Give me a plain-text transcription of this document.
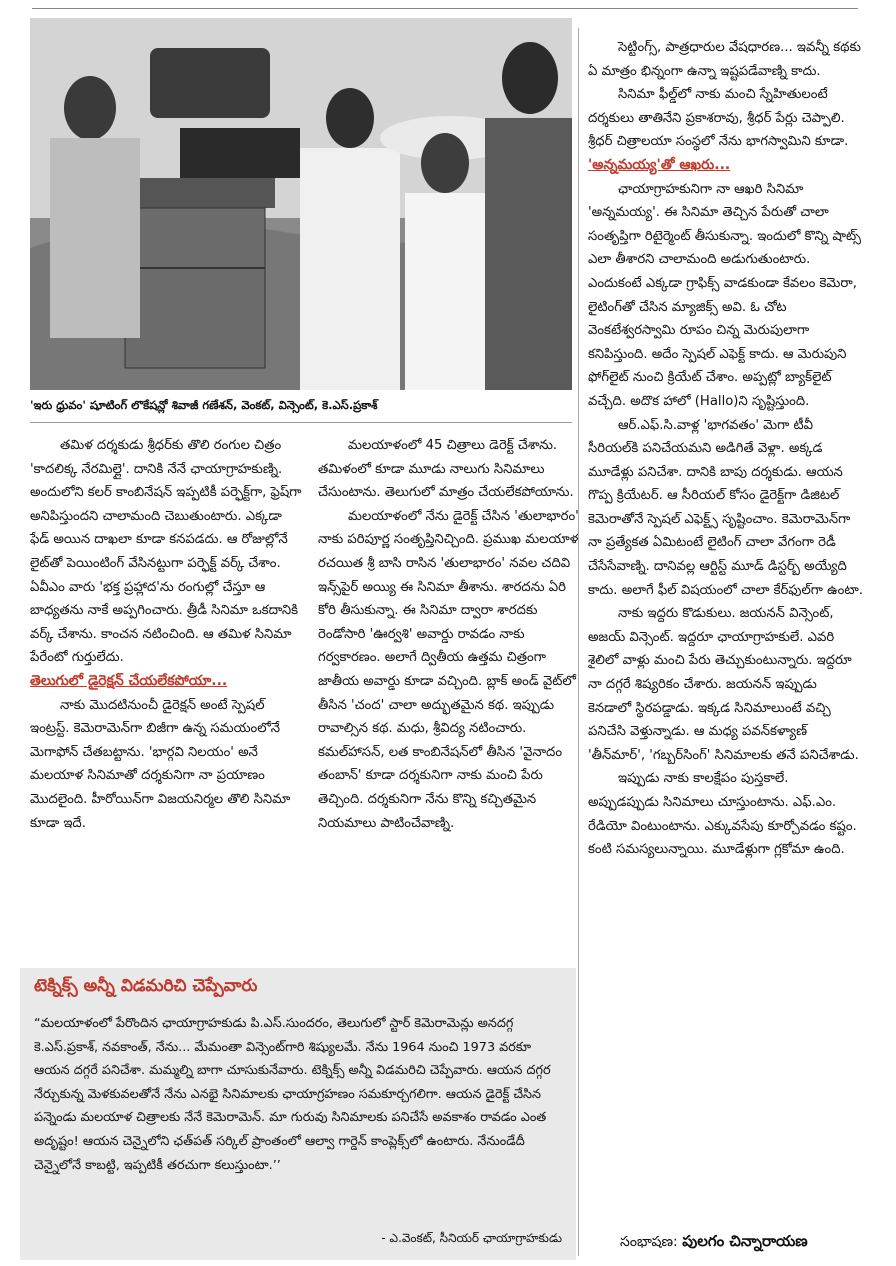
'ఇరు ధ్రువం' షూటింగ్ లొకేషన్లో శివాజీ గణేశన్, వెంకట్, విన్సెంట్, కె.ఎస్.ప్రకాశ్

తమిళ దర్శకుడు శ్రీధర్‌కు తొలి రంగుల చిత్రం 'కాదలిక్క నేరమిల్లై'. దానికి నేనే ఛాయాగ్రాహకుణ్ని. అందులోని కలర్ కాంబినేషన్ ఇప్పటికీ పర్ఫెక్ట్‌గా, ఫ్రెష్‌గా అనిపిస్తుందని చాలామంది చెబుతుంటారు. ఎక్కడా ఫేడ్ అయిన దాఖలా కూడా కనపడదు. ఆ రోజుల్లోనే లైట్‌తో పెయింటింగ్ వేసినట్టుగా పర్ఫెక్ట్ వర్క్ చేశాం. ఏవీఎం వారు 'భక్త ప్రహ్లాద'ను రంగుల్లో చేస్తూ ఆ బాధ్యతను నాకే అప్పగించారు. త్రీడీ సినిమా ఒకదానికి వర్క్ చేశాను. కాంచన నటించింది. ఆ తమిళ సినిమా పేరేంటో గుర్తులేదు.

తెలుగులో డైరెక్షన్ చేయలేకపోయా...

నాకు మొదటినుంచీ డైరెక్షన్ అంటే స్పెషల్ ఇంట్రస్ట్. కెమెరామెన్‌గా బిజీగా ఉన్న సమయంలోనే మెగాఫోన్ చేతబట్టాను. 'భార్గవి నిలయం' అనే మలయాళ సినిమాతో దర్శకునిగా నా ప్రయాణం మొదలైంది. హీరోయిన్‌గా విజయనిర్మల తొలి సినిమా కూడా ఇదే.

మలయాళంలో 45 చిత్రాలు డెరెక్ట్ చేశాను. తమిళంలో కూడా మూడు నాలుగు సినిమాలు చేసుంటాను. తెలుగులో మాత్రం చేయలేకపోయాను.

మలయాళంలో నేను డైరెక్ట్ చేసిన 'తులాభారం' నాకు పరిపూర్ణ సంతృప్తినిచ్చింది. ప్రముఖ మలయాళ రచయిత శ్రీ బాసి రాసిన 'తులాభారం' నవల చదివి ఇన్స్‌పైర్ అయ్యి ఈ సినిమా తీశాను. శారదను ఏరి కోరి తీసుకున్నా. ఈ సినిమా ద్వారా శారదకు రెండోసారి 'ఊర్వశి' అవార్డు రావడం నాకు గర్వకారణం. అలాగే ద్వితీయ ఉత్తమ చిత్రంగా జాతీయ అవార్డు కూడా వచ్చింది. బ్లాక్ అండ్ వైట్‌లో తీసిన 'చంద' చాలా అద్భుతమైన కథ. ఇప్పుడు రావాల్సిన కథ. మధు, శ్రీవిద్య నటించారు. కమల్‌హాసన్, లత కాంబినేషన్‌లో తీసిన 'వైనాదం తంబాన్' కూడా దర్శకునిగా నాకు మంచి పేరు తెచ్చింది. దర్శకునిగా నేను కొన్ని కచ్చితమైన నియమాలు పాటించేవాణ్ని.

సెట్టింగ్స్, పాత్రధారుల వేషధారణ... ఇవన్నీ కథకు ఏ మాత్రం భిన్నంగా ఉన్నా ఇష్టపడేవాణ్ని కాదు.

సినిమా ఫీల్డ్‌లో నాకు మంచి స్నేహితులంటే దర్శకులు తాతినేని ప్రకాశరావు, శ్రీధర్ పేర్లు చెప్పాలి. శ్రీధర్ చిత్రాలయా సంస్థలో నేను భాగస్వామిని కూడా.

'అన్నమయ్య'తో ఆఖరు...

ఛాయాగ్రాహకునిగా నా ఆఖరి సినిమా 'అన్నమయ్య'. ఈ సినిమా తెచ్చిన పేరుతో చాలా సంతృప్తిగా రిటైర్మెంట్ తీసుకున్నా. ఇందులో కొన్ని షాట్స్ ఎలా తీశారని చాలామంది అడుగుతుంటారు. ఎందుకంటే ఎక్కడా గ్రాఫిక్స్ వాడకుండా కేవలం కెమెరా, లైటింగ్‌తో చేసిన మ్యాజిక్స్ అవి. ఓ చోట వెంకటేశ్వరస్వామి రూపం చిన్న మెరుపులాగా కనిపిస్తుంది. అదేం స్పెషల్ ఎఫెక్ట్ కాదు. ఆ మెరుపుని ఫోగ్‌లైట్ నుంచి క్రియేట్ చేశాం. అప్పట్లో బ్యాక్‌లైట్ వచ్చేది. అదొక హాలో (Hallo)ని సృష్టిస్తుంది.

ఆర్.ఎఫ్.సి.వాళ్ల 'భాగవతం' మెగా టీవీ సీరియల్‌కి పనిచేయమని అడిగితే వెళ్లా. అక్కడ మూడేళ్లు పనిచేశా. దానికి బాపు దర్శకుడు. ఆయన గొప్ప క్రియేటర్. ఆ సీరియల్ కోసం డైరెక్ట్‌గా డిజిటల్ కెమెరాతోనే స్పెషల్ ఎఫెక్ట్స్ సృష్టించాం. కెమెరామెన్‌గా నా ప్రత్యేకత ఏమిటంటే లైటింగ్ చాలా వేగంగా రెడీ చేసేసేవాణ్ని. దానివల్ల ఆర్టిస్ట్ మూడ్ డిస్టర్బ్ అయ్యేది కాదు. అలాగే ఫీల్ విషయంలో చాలా కేర్‌ఫుల్‌గా ఉంటా.

నాకు ఇద్దరు కొడుకులు. జయనన్ విన్సెంట్, అజయ్ విన్సెంట్. ఇద్దరూ ఛాయాగ్రాహకులే. ఎవరి శైలిలో వాళ్లు మంచి పేరు తెచ్చుకుంటున్నారు. ఇద్దరూ నా దగ్గరే శిష్యరికం చేశారు. జయనన్ ఇప్పుడు కెనడాలో స్థిరపడ్డాడు. ఇక్కడ సినిమాలుంటే వచ్చి పనిచేసి వెళ్తున్నాడు. ఆ మధ్య పవన్‌కళ్యాణ్ 'తీన్‌మార్', 'గబ్బర్‌సింగ్' సినిమాలకు తనే పనిచేశాడు.

ఇప్పుడు నాకు కాలక్షేపం పుస్తకాలే. అప్పుడప్పుడు సినిమాలు చూస్తుంటాను. ఎఫ్.ఎం. రేడియో వింటుంటాను. ఎక్కువసేపు కూర్చోవడం కష్టం. కంటి సమస్యలున్నాయి. మూడేళ్లుగా గ్లకోమా ఉంది.

టెక్నిక్స్ అన్నీ విడమరిచి చెప్పేవారు
“మలయాళంలో పేరొందిన ఛాయాగ్రాహకుడు పి.ఎస్.సుందరం, తెలుగులో స్టార్ కెమెరామెన్లు అనదగ్గ కె.ఎస్.ప్రకాశ్, నవకాంత్, నేను... మేమంతా విన్సెంట్‌గారి శిష్యులమే. నేను 1964 నుంచి 1973 వరకూ ఆయన దగ్గరే పనిచేశా. మమ్మల్ని బాగా చూసుకునేవారు. టెక్నిక్స్ అన్నీ విడమరిచి చెప్పేవారు. ఆయన దగ్గర నేర్చుకున్న మెళకువలతోనే నేను ఎనభై సినిమాలకు ఛాయాగ్రహణం సమకూర్చగలిగా. ఆయన డైరెక్ట్ చేసిన పన్నెండు మలయాళ చిత్రాలకు నేనే కెమెరామెన్. మా గురువు సినిమాలకు పనిచేసే అవకాశం రావడం ఎంత అదృష్టం! ఆయన చెన్నైలోని ఛత్‌పత్ సర్కిల్ ప్రాంతంలో ఆల్వా గార్డెన్ కాంప్లెక్స్‌లో ఉంటారు. నేనుండేదీ చెన్నైలోనే కాబట్టి, ఇప్పటికీ తరచుగా కలుస్తుంటా.’’
- ఎ.వెంకట్, సీనియర్ ఛాయాగ్రాహకుడు	సంభాషణ: పులగం చిన్నారాయణ
